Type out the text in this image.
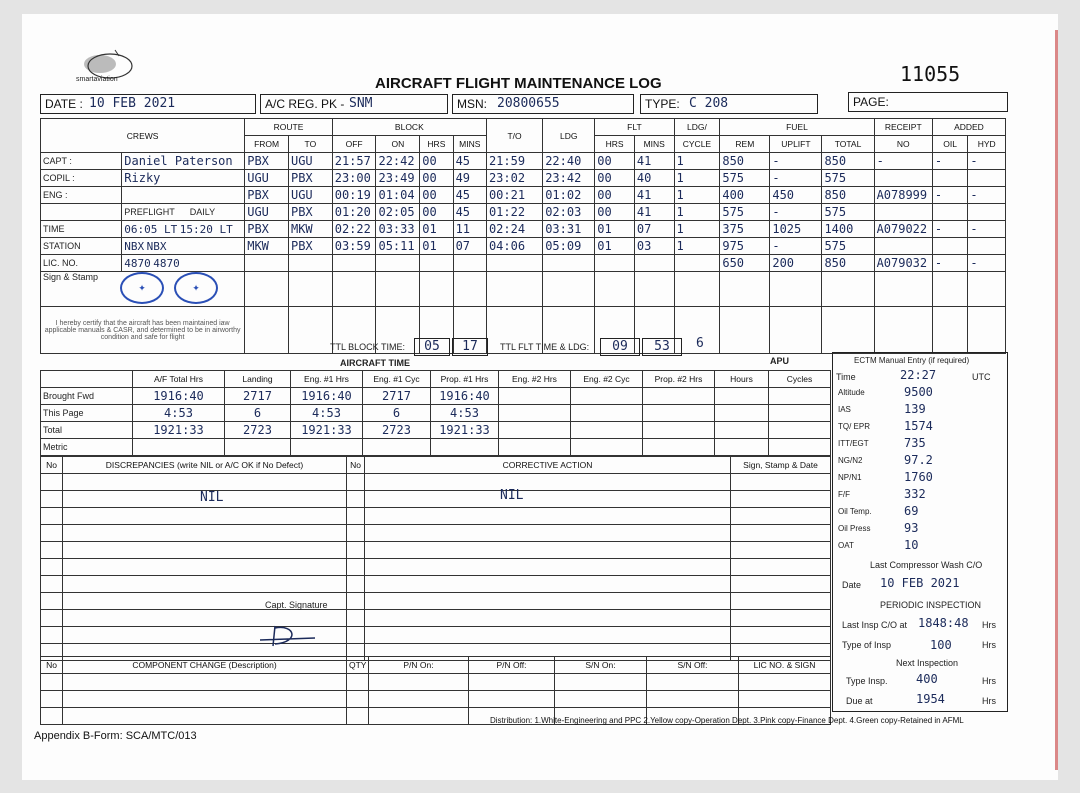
smartaviation	AIRCRAFT FLIGHT MAINTENANCE LOG	11055
DATE : 10 FEB 2021	A/C REG. PK - SNM	MSN: 20800655	TYPE: C 208	PAGE:
CREWS		ROUTE		BLOCK				T/O	LDG	FLT		LDG/	FUEL			RECEIPT	ADDED	
		FROM	TO	OFF	ON	HRS	MINS			HRS	MINS	CYCLE	REM	UPLIFT	TOTAL	NO	OIL	HYD
CAPT :	Daniel Paterson	PBX	UGU	21:57	22:42	00	45	21:59	22:40	00	41	1	850	-	850	-	-	-
COPIL :	Rizky	UGU	PBX	23:00	23:49	00	49	23:02	23:42	00	40	1	575	-	575			
ENG :		PBX	UGU	00:19	01:04	00	45	00:21	01:02	00	41	1	400	450	850	A078999	-	-
	PREFLIGHT DAILY	UGU	PBX	01:20	02:05	00	45	01:22	02:03	00	41	1	575	-	575			
TIME	06:05 LT 15:20 LT	PBX	MKW	02:22	03:33	01	11	02:24	03:31	01	07	1	375	1025	1400	A079022	-	-
STATION	NBX NBX	MKW	PBX	03:59	05:11	01	07	04:06	05:09	01	03	1	975	-	575			
LIC. NO.	4870 4870												650	200	850	A079032	-	-
Sign & Stamp																		
I hereby certify that the aircraft has been maintained iaw applicable manuals & CASR, and determined to be in airworthy condition and safe for flight																		
TTL BLOCK TIME:	05	17	TTL FLT TIME & LDG:	09	53	6
AIRCRAFT TIME	APU
	A/F Total Hrs	Landing	Eng. #1 Hrs	Eng. #1 Cyc	Prop. #1 Hrs	Eng. #2 Hrs	Eng. #2 Cyc	Prop. #2 Hrs	Hours	Cycles
Brought Fwd	1916:40	2717	1916:40	2717	1916:40					
This Page	4:53	6	4:53	6	4:53					
Total	1921:33	2723	1921:33	2723	1921:33					
Metric										
No	DISCREPANCIES (write NIL or A/C OK if No Defect)	No	CORRECTIVE ACTION	Sign, Stamp & Date

NIL	NIL
Capt. Signature
No	COMPONENT CHANGE (Description)	QTY	P/N On:	P/N Off:	S/N On:	S/N Off:	LIC NO. & SIGN

ECTM Manual Entry (if required)
Time	22:27	UTC
Altitude	9500
IAS	139
TQ/ EPR	1574
ITT/EGT	735
NG/N2	97.2
NP/N1	1760
F/F	332
Oil Temp.	69
Oil Press	93
OAT	10
Last Compressor Wash C/O
Date 10 FEB 2021
PERIODIC INSPECTION
Last Insp C/O at 1848:48 Hrs
Type of Insp	100	Hrs
Next Inspection
Type Insp. 400	Hrs
Due at	1954	Hrs
Appendix B-Form: SCA/MTC/013
Distribution: 1.White-Engineering and PPC 2.Yellow copy-Operation Dept. 3.Pink copy-Finance Dept. 4.Green copy-Retained in AFML
✦	✦
